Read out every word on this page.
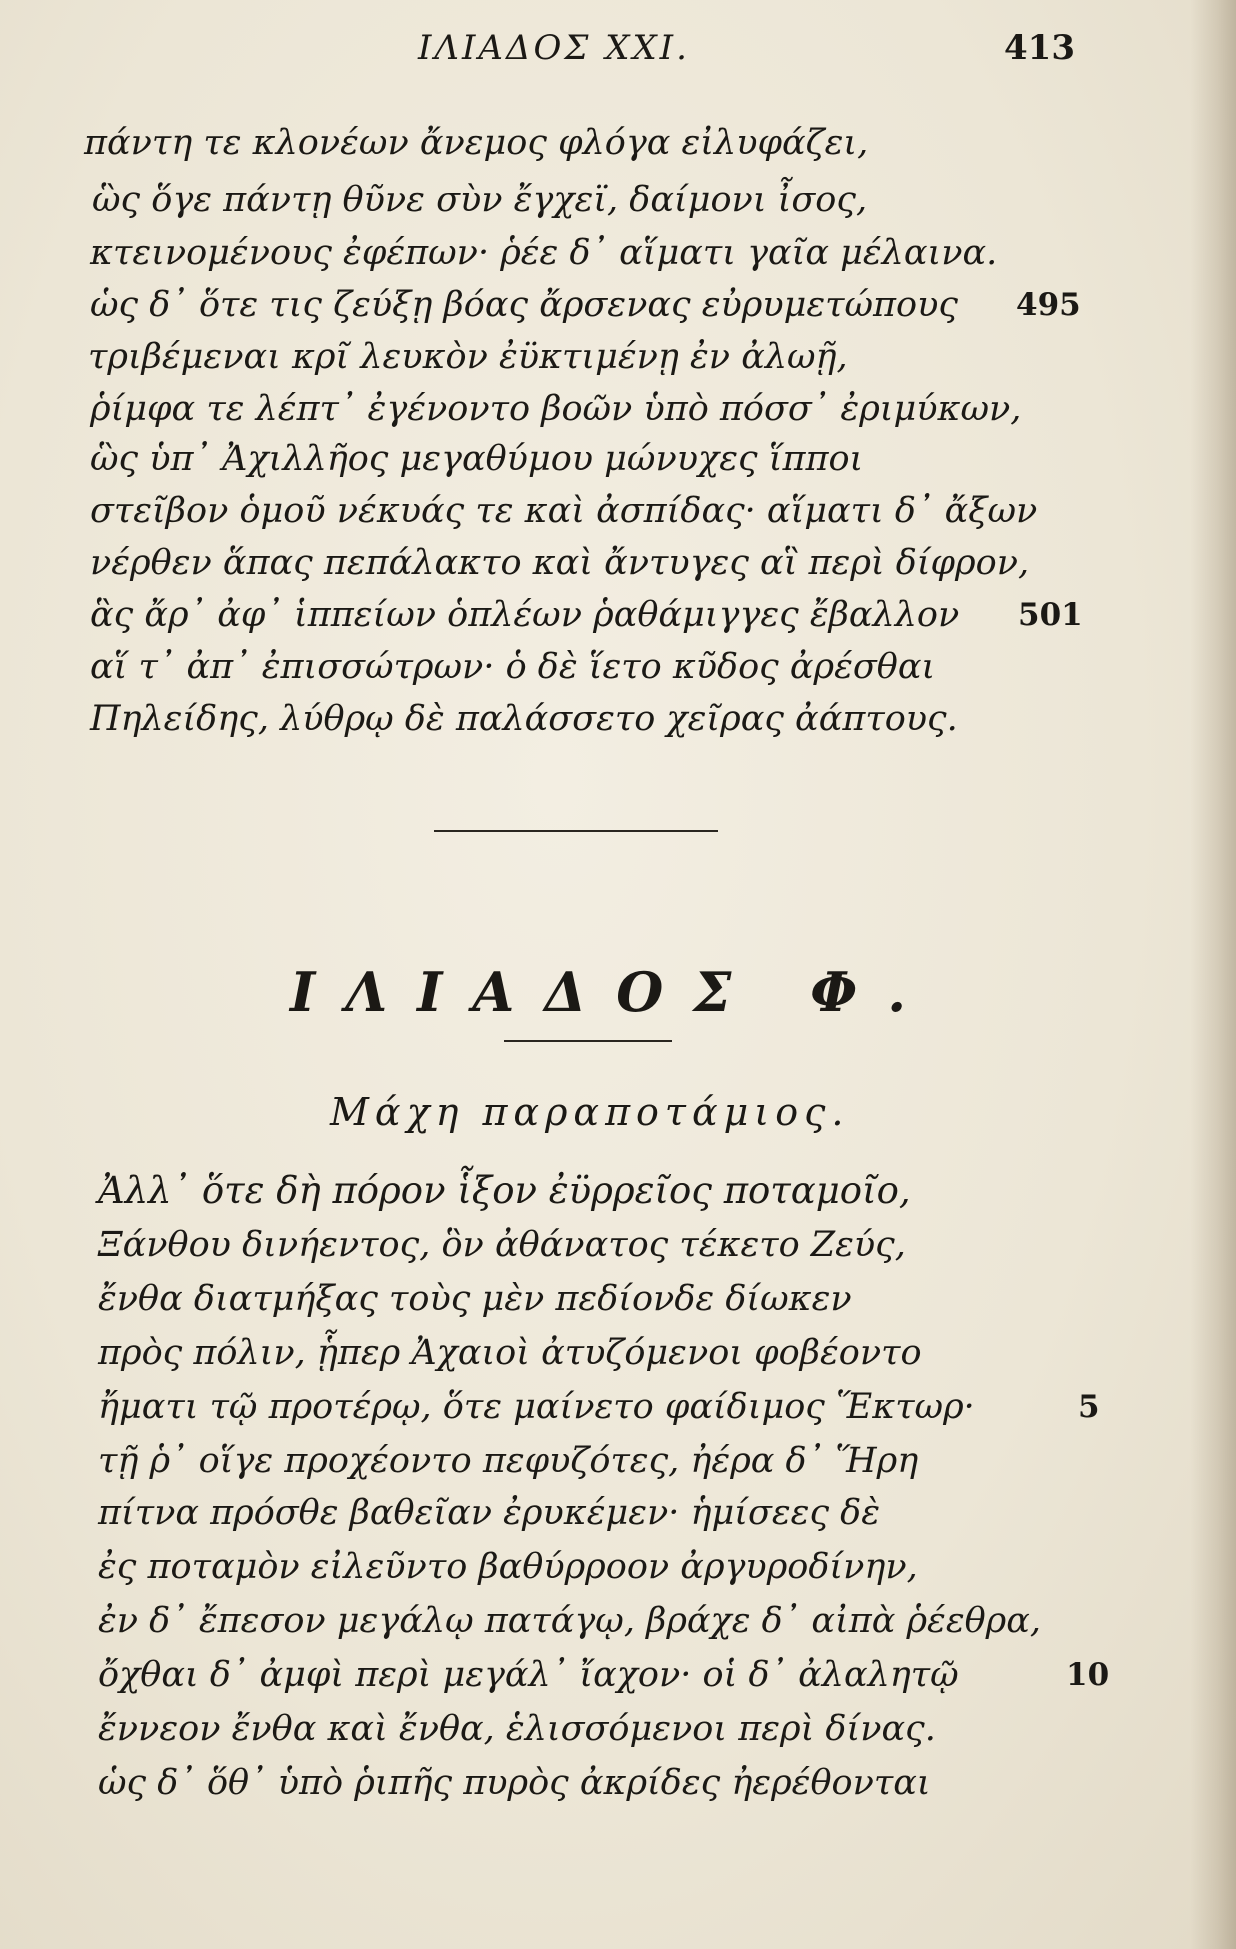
ΙΛΙΑΔΟΣ XXI.	413
πάντη τε κλονέων ἄνεμος φλόγα εἰλυφάζει,
ὣς ὅγε πάντῃ θῦνε σὺν ἔγχεϊ, δαίμονι ἶσος,
κτεινομένους ἐφέπων· ῥέε δ᾽ αἵματι γαῖα μέλαινα.
ὡς δ᾽ ὅτε τις ζεύξῃ βόας ἄρσενας εὐρυμετώπους 495
τριβέμεναι κρῖ λευκὸν ἐϋκτιμένῃ ἐν ἀλωῇ,
ῥίμφα τε λέπτ᾽ ἐγένοντο βοῶν ὑπὸ πόσσ᾽ ἐριμύκων,
ὣς ὑπ᾽ Ἀχιλλῆος μεγαθύμου μώνυχες ἵπποι
στεῖβον ὁμοῦ νέκυάς τε καὶ ἀσπίδας· αἵματι δ᾽ ἄξων
νέρθεν ἅπας πεπάλακτο καὶ ἄντυγες αἳ περὶ δίφρον,
ἃς ἄρ᾽ ἀφ᾽ ἱππείων ὁπλέων ῥαθάμιγγες ἔβαλλον 501
αἵ τ᾽ ἀπ᾽ ἐπισσώτρων· ὁ δὲ ἵετο κῦδος ἀρέσθαι
Πηλείδης, λύθρῳ δὲ παλάσσετο χεῖρας ἀάπτους.
ΙΛΙΑΔΟΣ Φ.
Μάχη παραποτάμιος.
Ἀλλ᾽ ὅτε δὴ πόρον ἷξον ἐϋρρεῖος ποταμοῖο,
Ξάνθου δινήεντος, ὃν ἀθάνατος τέκετο Ζεύς,
ἔνθα διατμήξας τοὺς μὲν πεδίονδε δίωκεν
πρὸς πόλιν, ᾗπερ Ἀχαιοὶ ἀτυζόμενοι φοβέοντο
ἤματι τῷ προτέρῳ, ὅτε μαίνετο φαίδιμος Ἕκτωρ·	5
τῇ ῥ᾽ οἵγε προχέοντο πεφυζότες, ἠέρα δ᾽ Ἥρη
πίτνα πρόσθε βαθεῖαν ἐρυκέμεν· ἡμίσεες δὲ
ἐς ποταμὸν εἰλεῦντο βαθύρροον ἀργυροδίνην,
ἐν δ᾽ ἔπεσον μεγάλῳ πατάγῳ, βράχε δ᾽ αἰπὰ ῥέεθρα,
ὄχθαι δ᾽ ἀμφὶ περὶ μεγάλ᾽ ἴαχον· οἱ δ᾽ ἀλαλητῷ	10
ἔννεον ἔνθα καὶ ἔνθα, ἑλισσόμενοι περὶ δίνας.
ὡς δ᾽ ὅθ᾽ ὑπὸ ῥιπῆς πυρὸς ἀκρίδες ἠερέθονται
